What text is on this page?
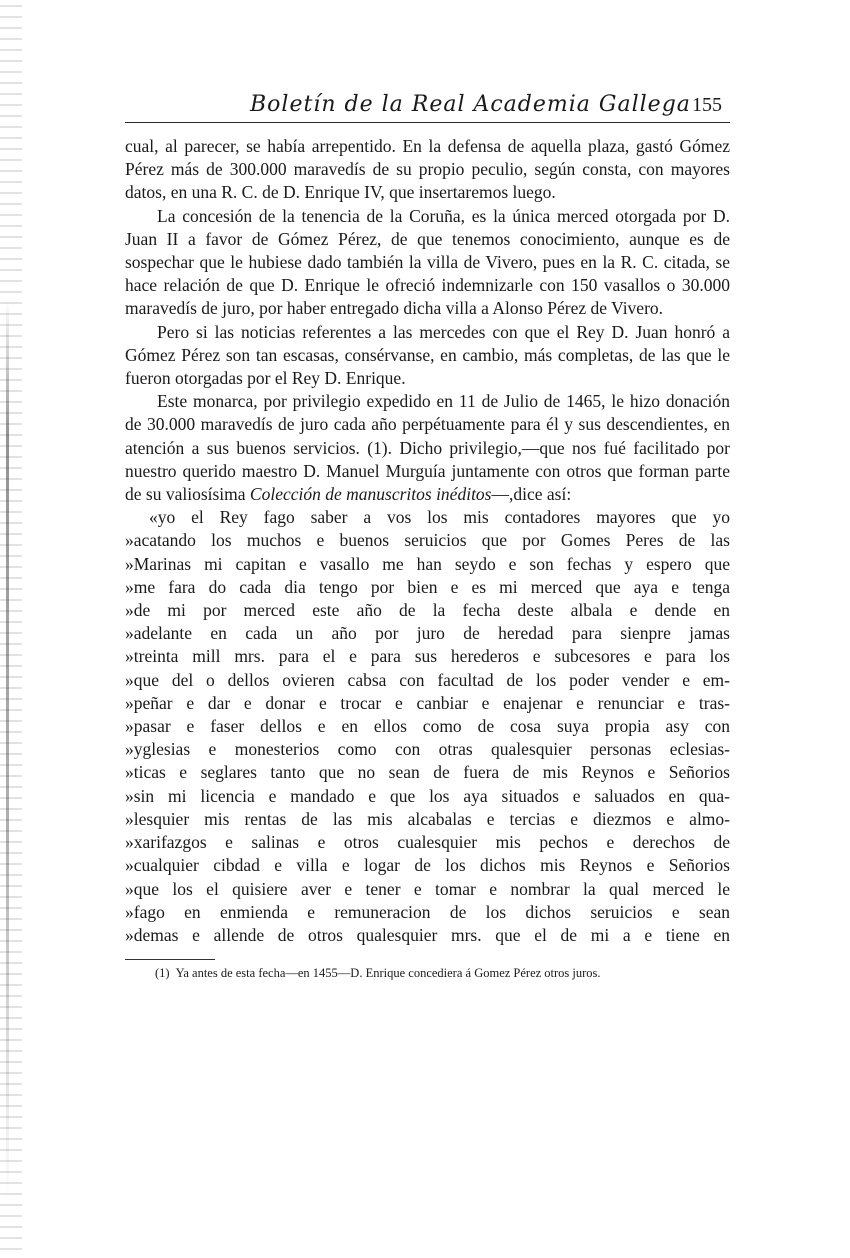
Boletín de la Real Academia Gallega 155

cual, al parecer, se había arrepentido. En la defensa de aquella plaza, gastó Gómez Pérez más de 300.000 maravedís de su propio peculio, según consta, con mayores datos, en una R. C. de D. Enrique IV, que insertaremos luego.

La concesión de la tenencia de la Coruña, es la única merced otorgada por D. Juan II a favor de Gómez Pérez, de que tenemos conocimiento, aunque es de sospechar que le hubiese dado también la villa de Vivero, pues en la R. C. citada, se hace relación de que D. Enrique le ofreció indemnizarle con 150 vasallos o 30.000 maravedís de juro, por haber entregado dicha villa a Alonso Pérez de Vivero.

Pero si las noticias referentes a las mercedes con que el Rey D. Juan honró a Gómez Pérez son tan escasas, consérvanse, en cambio, más completas, de las que le fueron otorgadas por el Rey D. Enrique.

Este monarca, por privilegio expedido en 11 de Julio de 1465, le hizo donación de 30.000 maravedís de juro cada año perpétuamente para él y sus descendientes, en atención a sus buenos servicios. (1). Dicho privilegio,—que nos fué facilitado por nuestro querido maestro D. Manuel Murguía juntamente con otros que forman parte de su valiosísima Colección de manuscritos inéditos—,dice así:

«yo el Rey fago saber a vos los mis contadores mayores que yo
»acatando los muchos e buenos seruicios que por Gomes Peres de las
»Marinas mi capitan e vasallo me han seydo e son fechas y espero que
»me fara do cada dia tengo por bien e es mi merced que aya e tenga
»de mi por merced este año de la fecha deste albala e dende en
»adelante en cada un año por juro de heredad para sienpre jamas
»treinta mill mrs. para el e para sus herederos e subcesores e para los
»que del o dellos ovieren cabsa con facultad de los poder vender e em-
»peñar e dar e donar e trocar e canbiar e enajenar e renunciar e tras-
»pasar e faser dellos e en ellos como de cosa suya propia asy con
»yglesias e monesterios como con otras qualesquier personas eclesias-
»ticas e seglares tanto que no sean de fuera de mis Reynos e Señorios
»sin mi licencia e mandado e que los aya situados e saluados en qua-
»lesquier mis rentas de las mis alcabalas e tercias e diezmos e almo-
»xarifazgos e salinas e otros cualesquier mis pechos e derechos de
»cualquier cibdad e villa e logar de los dichos mis Reynos e Señorios
»que los el quisiere aver e tener e tomar e nombrar la qual merced le
»fago en enmienda e remuneracion de los dichos seruicios e sean
»demas e allende de otros qualesquier mrs. que el de mi a e tiene en
(1) Ya antes de esta fecha—en 1455—D. Enrique concediera á Gomez Pérez otros juros.
